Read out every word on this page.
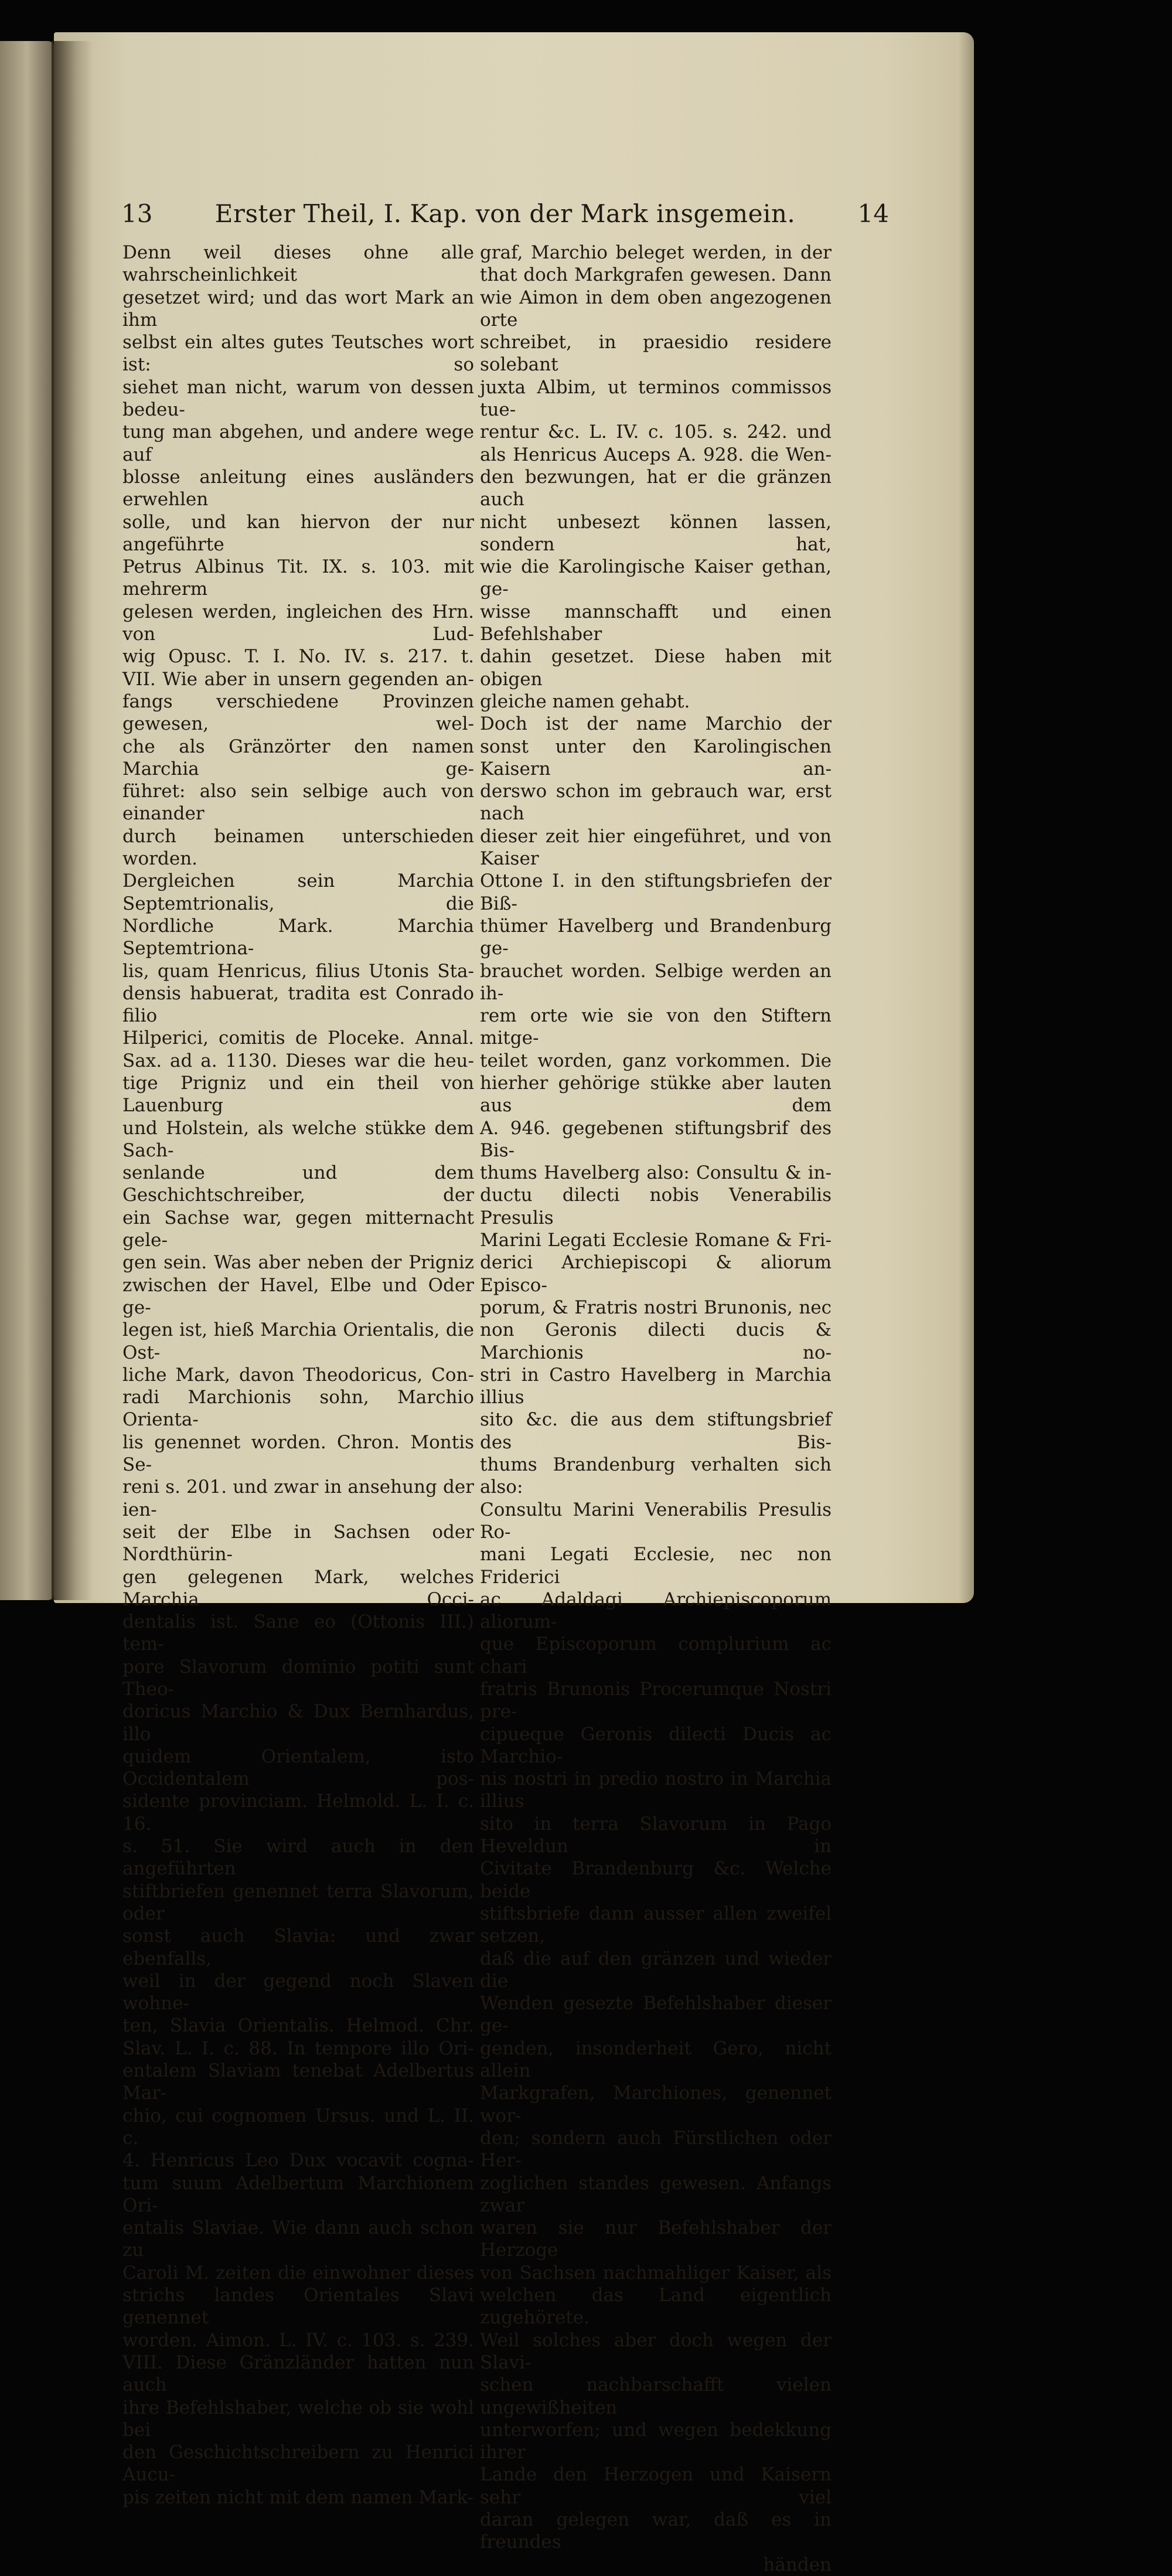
Erster Theil, I. Kap. von der Mark insgemein.
13	14

Denn weil dieses ohne alle wahrscheinlichkeit

gesetzet wird; und das wort Mark an ihm

selbst ein altes gutes Teutsches wort ist: so

siehet man nicht, warum von dessen bedeu-

tung man abgehen, und andere wege auf

blosse anleitung eines ausländers erwehlen

solle, und kan hiervon der nur angeführte

Petrus Albinus Tit. IX. s. 103. mit mehrerm

gelesen werden, ingleichen des Hrn. von Lud-

wig Opusc. T. I. No. IV. s. 217. t.

VII. Wie aber in unsern gegenden an-

fangs verschiedene Provinzen gewesen, wel-

che als Gränzörter den namen Marchia ge-

führet: also sein selbige auch von einander

durch beinamen unterschieden worden.

Dergleichen sein Marchia Septemtrionalis, die

Nordliche Mark. Marchia Septemtriona-

lis, quam Henricus, filius Utonis Sta-

densis habuerat, tradita est Conrado filio

Hilperici, comitis de Ploceke. Annal.

Sax. ad a. 1130. Dieses war die heu-

tige Prigniz und ein theil von Lauenburg

und Holstein, als welche stükke dem Sach-

senlande und dem Geschichtschreiber, der

ein Sachse war, gegen mitternacht gele-

gen sein. Was aber neben der Prigniz

zwischen der Havel, Elbe und Oder ge-

legen ist, hieß Marchia Orientalis, die Ost-

liche Mark, davon Theodoricus, Con-

radi Marchionis sohn, Marchio Orienta-

lis genennet worden. Chron. Montis Se-

reni s. 201. und zwar in ansehung der ien-

seit der Elbe in Sachsen oder Nordthürin-

gen gelegenen Mark, welches Marchia Occi-

dentalis ist. Sane eo (Ottonis III.) tem-

pore Slavorum dominio potiti sunt Theo-

doricus Marchio & Dux Bernhardus, illo

quidem Orientalem, isto Occidentalem pos-

sidente provinciam. Helmold. L. I. c. 16.

s. 51. Sie wird auch in den angeführten

stiftbriefen genennet terra Slavorum, oder

sonst auch Slavia: und zwar ebenfalls,

weil in der gegend noch Slaven wohne-

ten, Slavia Orientalis. Helmod. Chr.

Slav. L. I. c. 88. In tempore illo Ori-

entalem Slaviam tenebat Adelbertus Mar-

chio, cui cognomen Ursus. und L. II. c.

4. Henricus Leo Dux vocavit cogna-

tum suum Adelbertum Marchionem Ori-

entalis Slaviae. Wie dann auch schon zu

Caroli M. zeiten die einwohner dieses

strichs landes Orientales Slavi genennet

worden. Aimon. L. IV. c. 103. s. 239.

VIII. Diese Gränzländer hatten nun auch

ihre Befehlshaber, welche ob sie wohl bei

den Geschichtschreibern zu Henrici Aucu-

pis zeiten nicht mit dem namen Mark-

graf, Marchio beleget werden, in der

that doch Markgrafen gewesen. Dann

wie Aimon in dem oben angezogenen orte

schreibet, in praesidio residere solebant

juxta Albim, ut terminos commissos tue-

rentur &c. L. IV. c. 105. s. 242. und

als Henricus Auceps A. 928. die Wen-

den bezwungen, hat er die gränzen auch

nicht unbesezt können lassen, sondern hat,

wie die Karolingische Kaiser gethan, ge-

wisse mannschafft und einen Befehlshaber

dahin gesetzet. Diese haben mit obigen

gleiche namen gehabt.

Doch ist der name Marchio der

sonst unter den Karolingischen Kaisern an-

derswo schon im gebrauch war, erst nach

dieser zeit hier eingeführet, und von Kaiser

Ottone I. in den stiftungsbriefen der Biß-

thümer Havelberg und Brandenburg ge-

brauchet worden. Selbige werden an ih-

rem orte wie sie von den Stiftern mitge-

teilet worden, ganz vorkommen. Die

hierher gehörige stükke aber lauten aus dem

A. 946. gegebenen stiftungsbrif des Bis-

thums Havelberg also: Consultu & in-

ductu dilecti nobis Venerabilis Presulis

Marini Legati Ecclesie Romane & Fri-

derici Archiepiscopi & aliorum Episco-

porum, & Fratris nostri Brunonis, nec

non Geronis dilecti ducis & Marchionis no-

stri in Castro Havelberg in Marchia illius

sito &c. die aus dem stiftungsbrief des Bis-

thums Brandenburg verhalten sich also:

Consultu Marini Venerabilis Presulis Ro-

mani Legati Ecclesie, nec non Friderici

ac Adaldagi Archiepiscoporum aliorum-

que Episcoporum complurium ac chari

fratris Brunonis Procerumque Nostri pre-

cipueque Geronis dilecti Ducis ac Marchio-

nis nostri in predio nostro in Marchia illius

sito in terra Slavorum in Pago Heveldun in

Civitate Brandenburg &c. Welche beide

stiftsbriefe dann ausser allen zweifel setzen,

daß die auf den gränzen und wieder die

Wenden gesezte Befehlshaber dieser ge-

genden, insonderheit Gero, nicht allein

Markgrafen, Marchiones, genennet wor-

den; sondern auch Fürstlichen oder Her-

zoglichen standes gewesen. Anfangs zwar

waren sie nur Befehlshaber der Herzoge

von Sachsen nachmahliger Kaiser, als

welchen das Land eigentlich zugehörete.

Weil solches aber doch wegen der Slavi-

schen nachbarschafft vielen ungewißheiten

unterworfen; und wegen bedekkung ihrer

Lande den Herzogen und Kaisern sehr viel

daran gelegen war, daß es in freundes

händen
